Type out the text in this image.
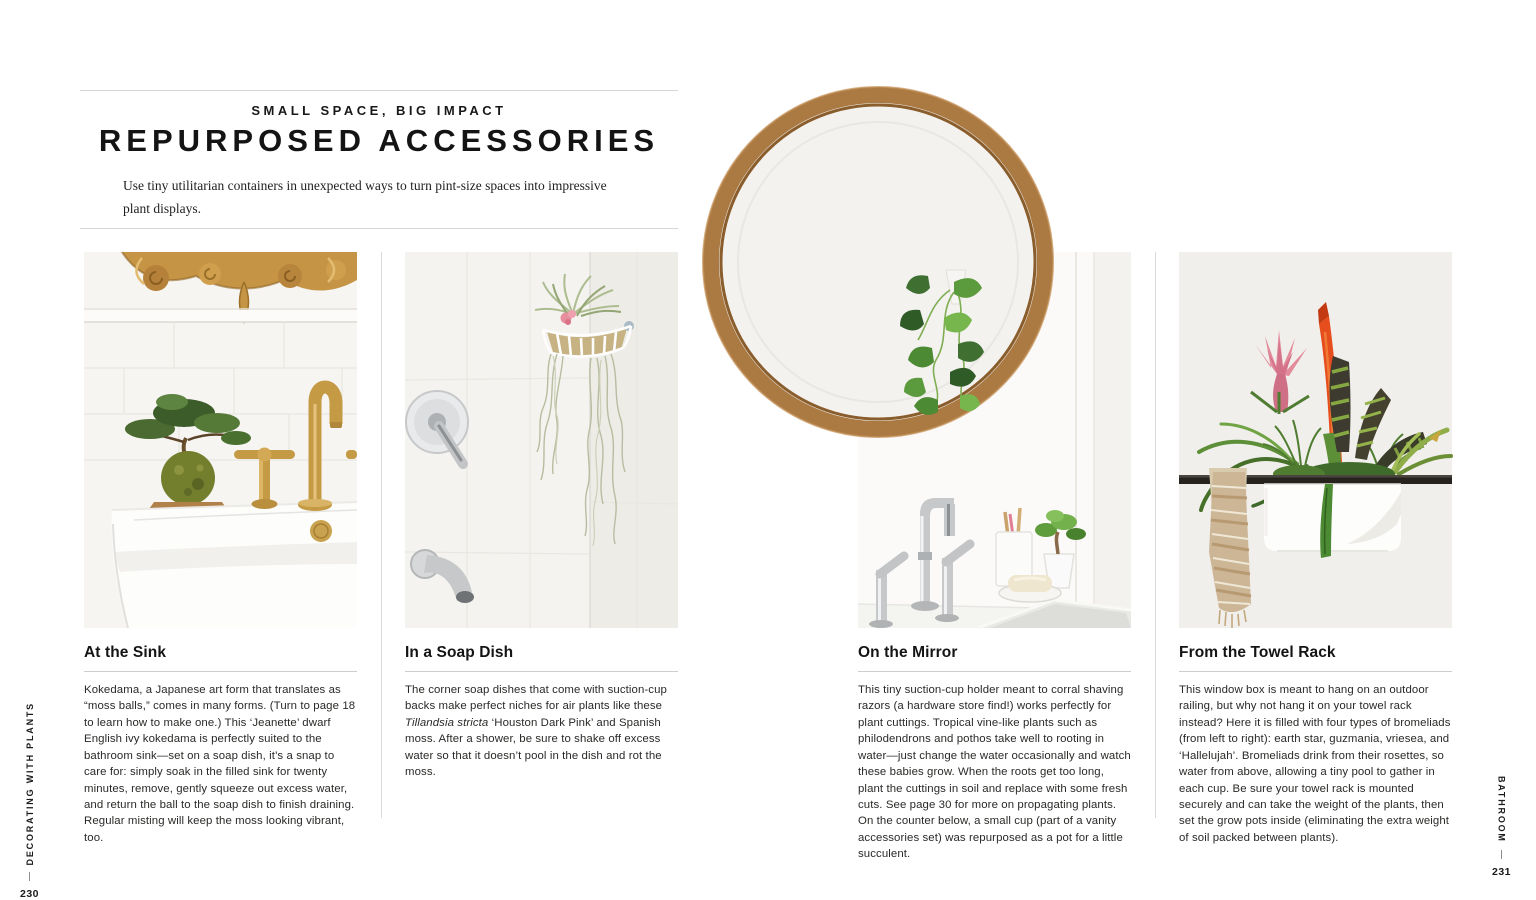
DECORATING WITH PLANTS
230
SMALL SPACE, BIG IMPACT
REPURPOSED ACCESSORIES

Use tiny utilitarian containers in unexpected ways to turn pint-size spaces into impressive plant displays.

At the Sink

Kokedama, a Japanese art form that translates as “moss balls,” comes in many forms. (Turn to page 18 to learn how to make one.) This ‘Jeanette’ dwarf English ivy kokedama is perfectly suited to the bathroom sink—set on a soap dish, it’s a snap to care for: simply soak in the filled sink for twenty minutes, remove, gently squeeze out excess water, and return the ball to the soap dish to finish draining. Regular misting will keep the moss looking vibrant, too.

In a Soap Dish

The corner soap dishes that come with suction-cup backs make perfect niches for air plants like these Tillandsia stricta ‘Houston Dark Pink’ and Spanish moss. After a shower, be sure to shake off excess water so that it doesn’t pool in the dish and rot the moss.

On the Mirror

This tiny suction-cup holder meant to corral shaving razors (a hardware store find!) works perfectly for plant cuttings. Tropical vine-like plants such as philodendrons and pothos take well to rooting in water—just change the water occasionally and watch these babies grow. When the roots get too long, plant the cuttings in soil and replace with some fresh cuts. See page 30 for more on propagating plants. On the counter below, a small cup (part of a vanity accessories set) was repurposed as a pot for a little succulent.

From the Towel Rack

This window box is meant to hang on an outdoor railing, but why not hang it on your towel rack instead? Here it is filled with four types of bromeliads (from left to right): earth star, guzmania, vriesea, and ‘Hallelujah’. Bromeliads drink from their rosettes, so water from above, allowing a tiny pool to gather in each cup. Be sure your towel rack is mounted securely and can take the weight of the plants, then set the grow pots inside (eliminating the extra weight of soil packed between plants).	BATHROOM
231
